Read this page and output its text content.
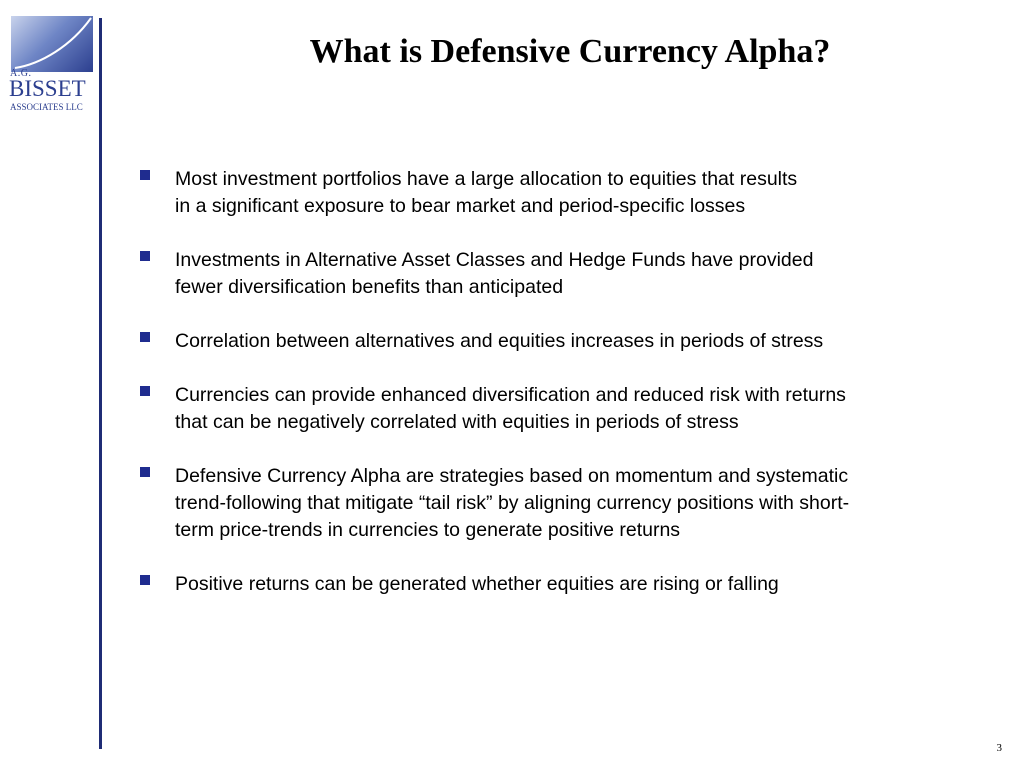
A.G.
BISSET
ASSOCIATES LLC
What is Defensive Currency Alpha?
Most investment portfolios have a large allocation to equities that results
in a significant exposure to bear market and period-specific losses
Investments in Alternative Asset Classes and Hedge Funds have provided
fewer diversification benefits than anticipated
Correlation between alternatives and equities increases in periods of stress
Currencies can provide enhanced diversification and reduced risk with returns
that can be negatively correlated with equities in periods of stress
Defensive Currency Alpha are strategies based on momentum and systematic
trend-following that mitigate “tail risk” by aligning currency positions with short-
term price-trends in currencies to generate positive returns
Positive returns can be generated whether equities are rising or falling
3
